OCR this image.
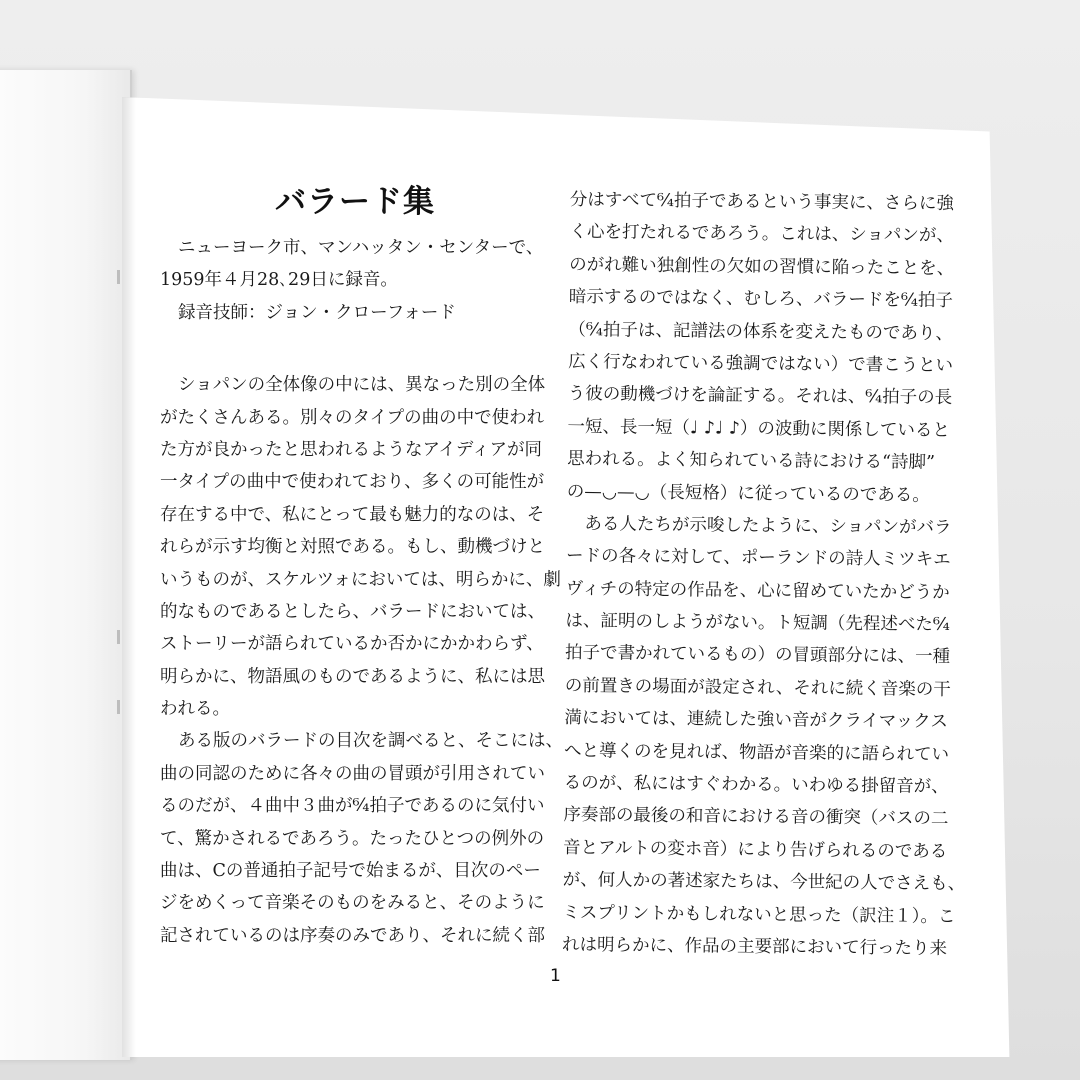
バラード集
ニューヨーク市、マンハッタン・センターで、
1959年４月28､29日に録音。
録音技師：ジョン・クローフォード
ショパンの全体像の中には、異なった別の全体
がたくさんある。別々のタイプの曲の中で使われ
た方が良かったと思われるようなアイディアが同
一タイプの曲中で使われており、多くの可能性が
存在する中で、私にとって最も魅力的なのは、そ
れらが示す均衡と対照である。もし、動機づけと
いうものが、スケルツォにおいては、明らかに、劇
的なものであるとしたら、バラードにおいては、
ストーリーが語られているか否かにかかわらず、
明らかに、物語風のものであるように、私には思
われる。
ある版のバラードの目次を調べると、そこには、
曲の同認のために各々の曲の冒頭が引用されてい
るのだが、４曲中３曲が⁶⁄₄拍子であるのに気付い
て、驚かされるであろう。たったひとつの例外の
曲は、Cの普通拍子記号で始まるが、目次のペー
ジをめくって音楽そのものをみると、そのように
記されているのは序奏のみであり、それに続く部
分はすべて⁶⁄₄拍子であるという事実に、さらに強
く心を打たれるであろう。これは、ショパンが、
のがれ難い独創性の欠如の習慣に陥ったことを、
暗示するのではなく、むしろ、バラードを⁶⁄₄拍子
（⁶⁄₄拍子は、記譜法の体系を変えたものであり、
広く行なわれている強調ではない）で書こうとい
う彼の動機づけを論証する。それは、⁶⁄₄拍子の長
一短、長一短（♩ ♪♩ ♪）の波動に関係していると
思われる。よく知られている詩における“詩脚”
の—◡—◡（長短格）に従っているのである。
ある人たちが示唆したように、ショパンがバラ
ードの各々に対して、ポーランドの詩人ミツキエ
ヴィチの特定の作品を、心に留めていたかどうか
は、証明のしようがない。ト短調（先程述べた⁶⁄₄
拍子で書かれているもの）の冒頭部分には、一種
の前置きの場面が設定され、それに続く音楽の干
満においては、連続した強い音がクライマックス
へと導くのを見れば、物語が音楽的に語られてい
るのが、私にはすぐわかる。いわゆる掛留音が、
序奏部の最後の和音における音の衝突（バスの二
音とアルトの変ホ音）により告げられるのである
が、何人かの著述家たちは、今世紀の人でさえも、
ミスプリントかもしれないと思った（訳注１）。こ
れは明らかに、作品の主要部において行ったり来
1
